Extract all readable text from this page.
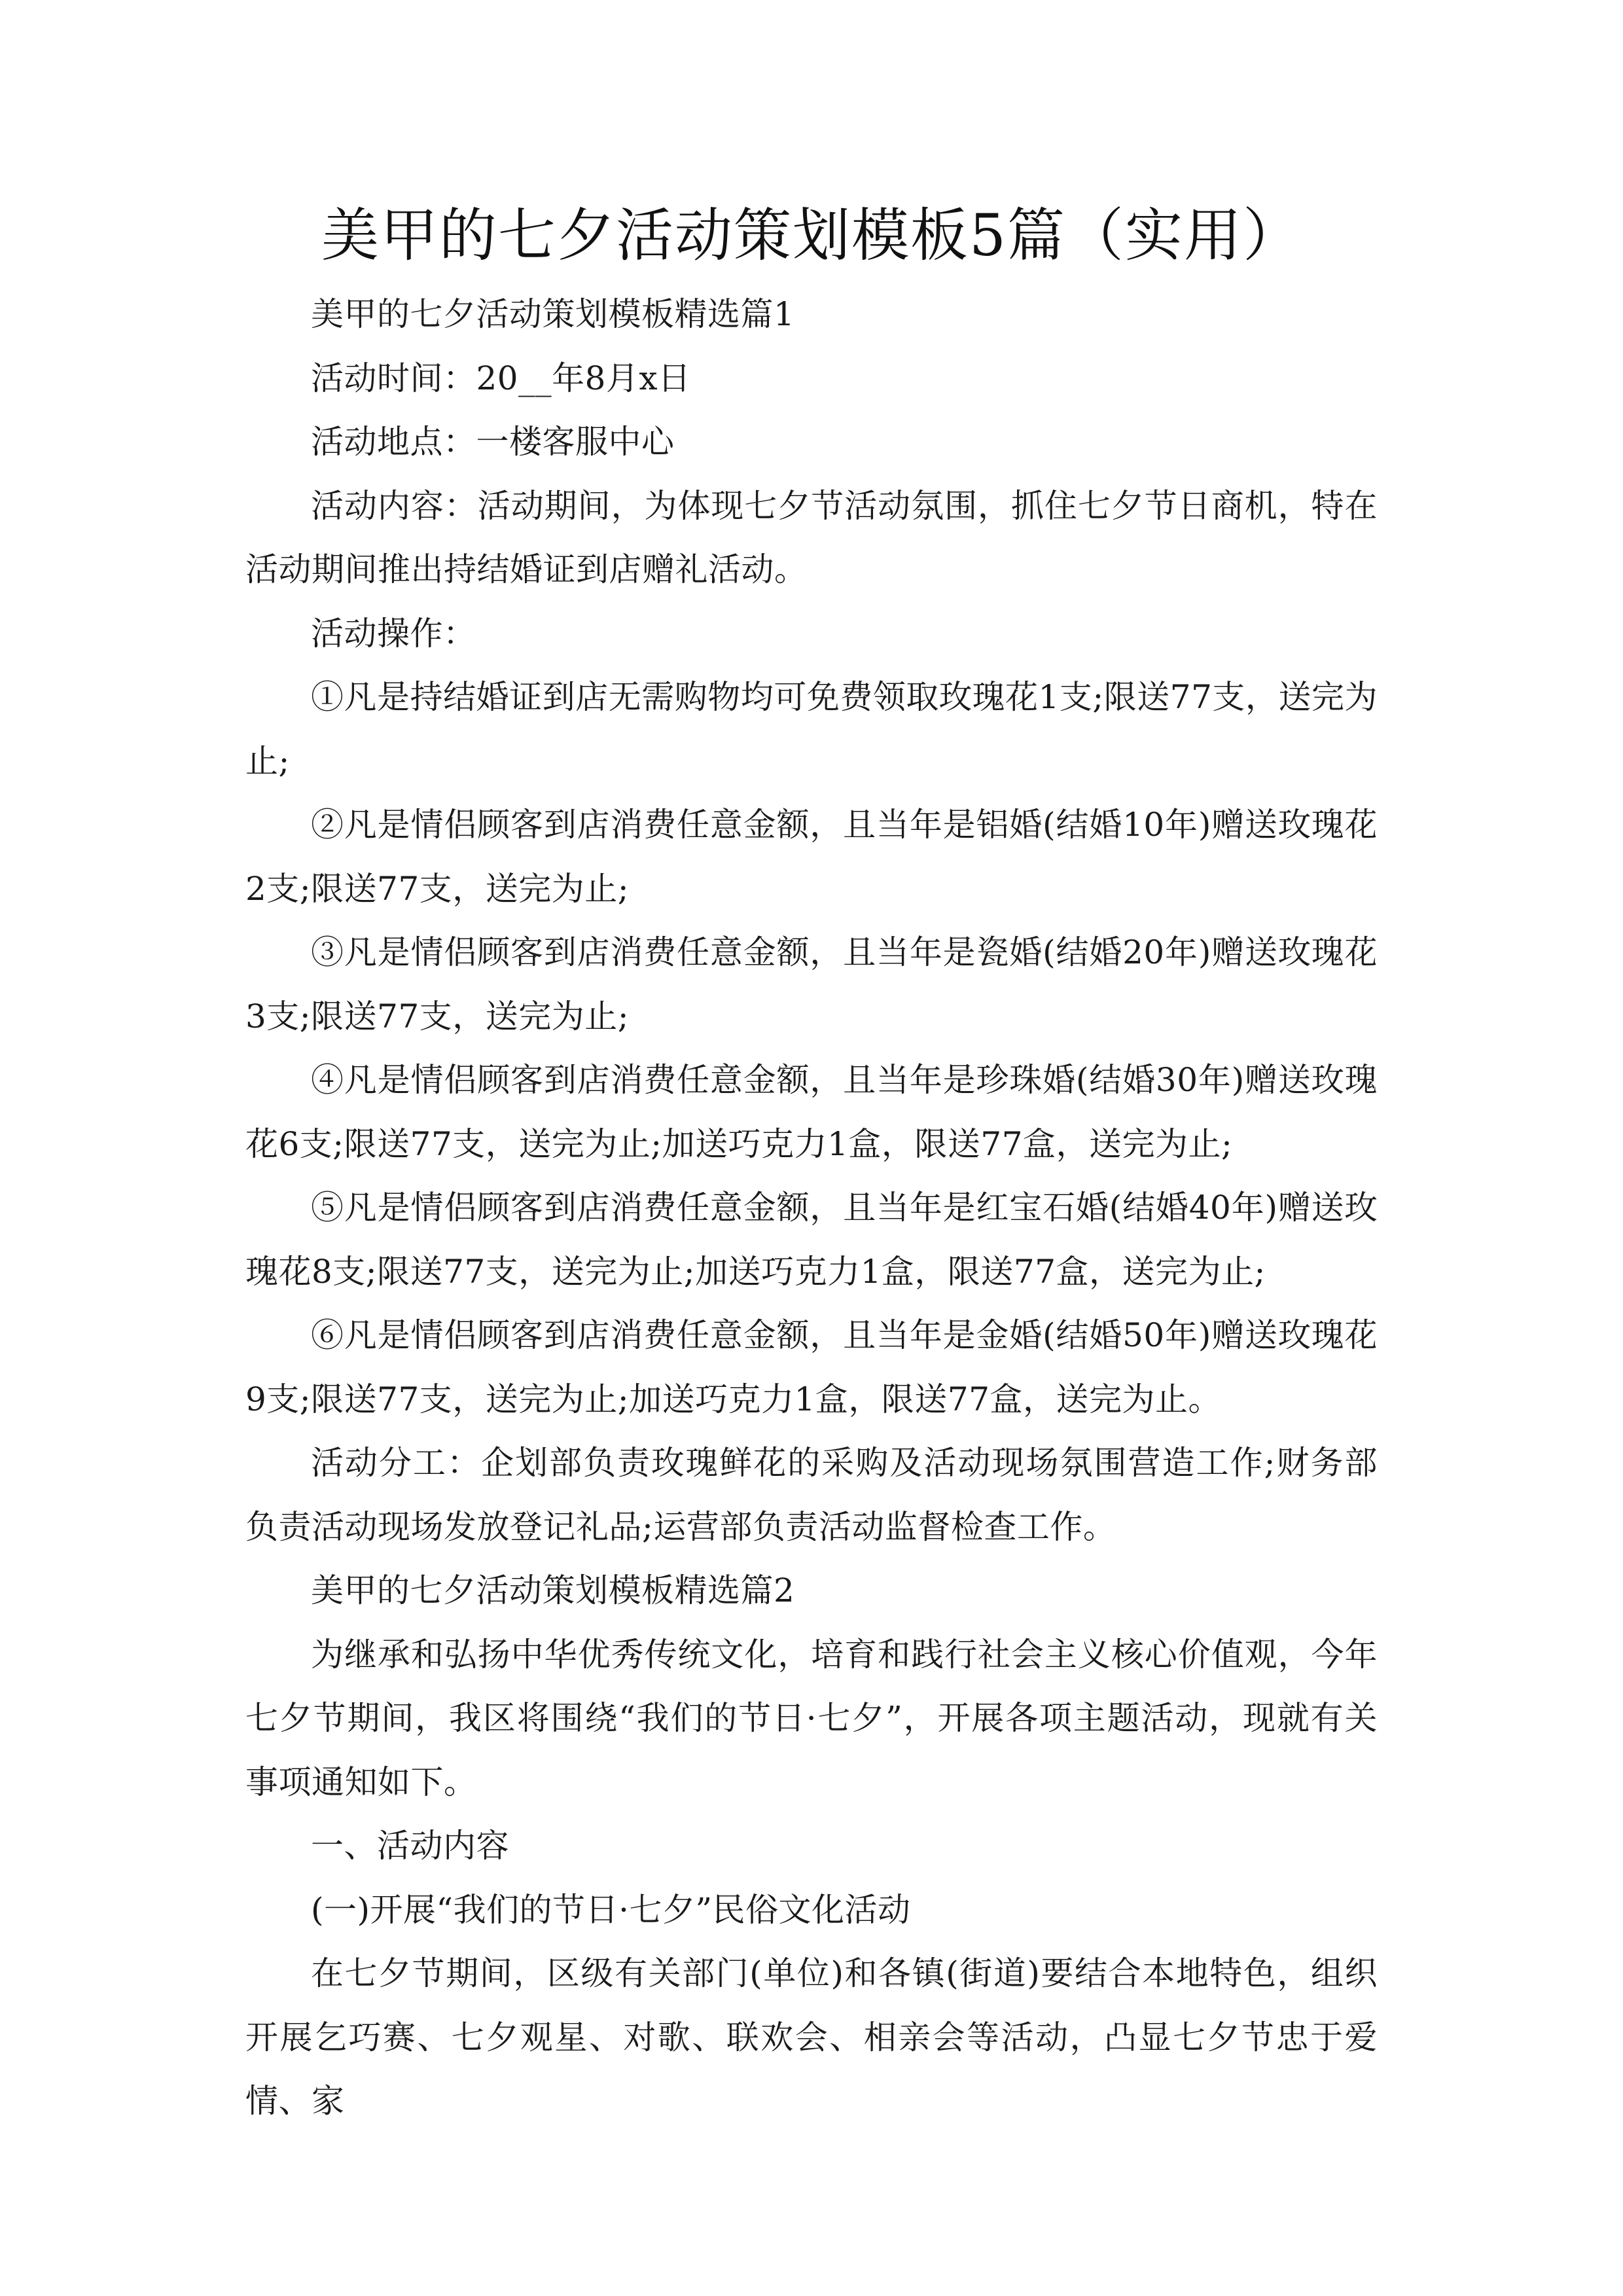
美甲的七夕活动策划模板5篇（实用）

美甲的七夕活动策划模板精选篇1

活动时间：20__年8月x日

活动地点：一楼客服中心

活动内容：活动期间，为体现七夕节活动氛围，抓住七夕节日商机，特在活动期间推出持结婚证到店赠礼活动。

活动操作：

①凡是持结婚证到店无需购物均可免费领取玫瑰花1支;限送77支，送完为止;

②凡是情侣顾客到店消费任意金额，且当年是铝婚(结婚10年)赠送玫瑰花2支;限送77支，送完为止;

③凡是情侣顾客到店消费任意金额，且当年是瓷婚(结婚20年)赠送玫瑰花3支;限送77支，送完为止;

④凡是情侣顾客到店消费任意金额，且当年是珍珠婚(结婚30年)赠送玫瑰花6支;限送77支，送完为止;加送巧克力1盒，限送77盒，送完为止;

⑤凡是情侣顾客到店消费任意金额，且当年是红宝石婚(结婚40年)赠送玫瑰花8支;限送77支，送完为止;加送巧克力1盒，限送77盒，送完为止;

⑥凡是情侣顾客到店消费任意金额，且当年是金婚(结婚50年)赠送玫瑰花9支;限送77支，送完为止;加送巧克力1盒，限送77盒，送完为止。

活动分工：企划部负责玫瑰鲜花的采购及活动现场氛围营造工作;财务部负责活动现场发放登记礼品;运营部负责活动监督检查工作。

美甲的七夕活动策划模板精选篇2

为继承和弘扬中华优秀传统文化，培育和践行社会主义核心价值观，今年七夕节期间，我区将围绕“我们的节日·七夕”，开展各项主题活动，现就有关事项通知如下。

一、活动内容

(一)开展“我们的节日·七夕”民俗文化活动

在七夕节期间，区级有关部门(单位)和各镇(街道)要结合本地特色，组织开展乞巧赛、七夕观星、对歌、联欢会、相亲会等活动，凸显七夕节忠于爱情、家
